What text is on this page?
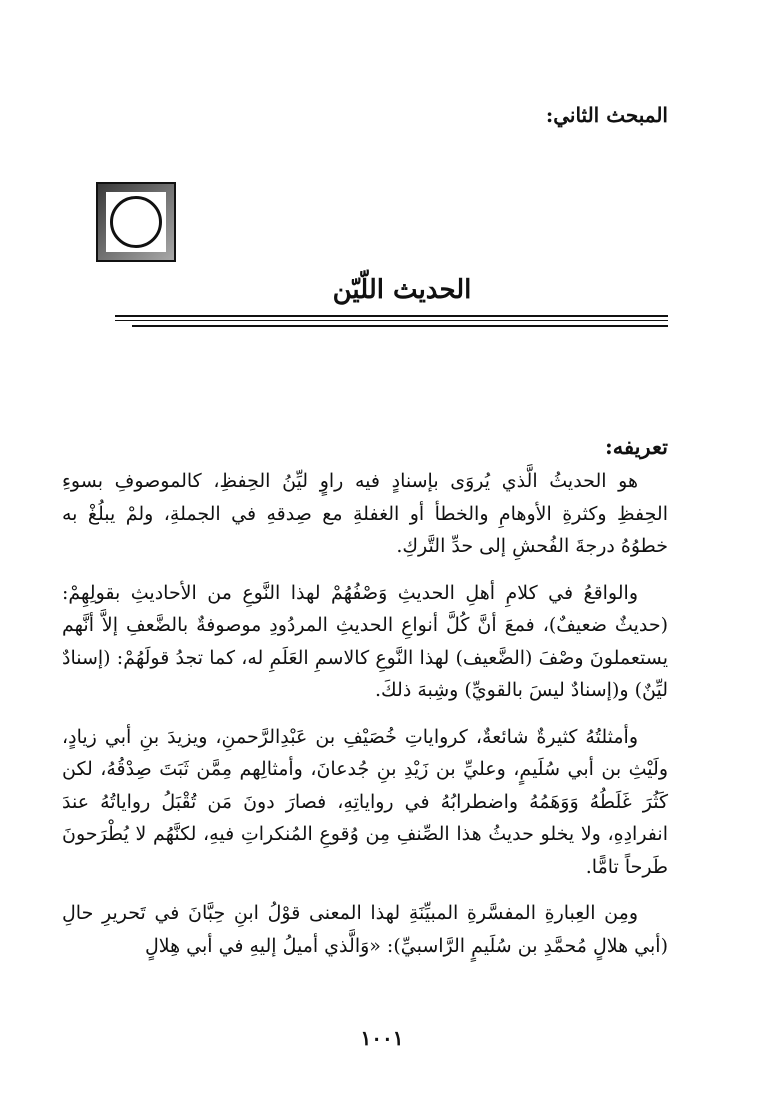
المبحث الثاني:
الحديث اللّيّن
تعريفه:

هو الحديثُ الَّذي يُروَى بإسنادٍ فيه راوٍ ليِّنُ الحِفظِ، كالموصوفِ بسوءِ الحِفظِ وكثرةِ الأوهامِ والخطأ أو الغفلةِ مع صِدقهِ في الجملةِ، ولمْ يبلُغْ به خطوُهُ درجةَ الفُحشِ إلى حدِّ التَّركِ.

والواقعُ في كلامِ أهلِ الحديثِ وَصْفُهُمْ لهذا النَّوعِ من الأحاديثِ بقولِهِمْ: (حديثٌ ضعيفٌ)، فمعَ أنَّ كُلَّ أنواعِ الحديثِ المردُودِ موصوفةٌ بالضَّعفِ إلاَّ أنَّهم يستعملونَ وصْفَ (الضَّعيف) لهذا النَّوعِ كالاسمِ العَلَمِ له، كما تجدُ قولَهُمْ: (إسنادٌ ليِّنٌ) و(إسنادٌ ليسَ بالقويِّ) وشِبهَ ذلكَ.

وأمثلتُهُ كثيرةٌ شائعةٌ، كرواياتِ خُصَيْفِ بن عَبْدِالرَّحمنِ، ويزيدَ بنِ أبي زيادٍ، ولَيْثِ بن أبي سُلَيمٍ، وعليِّ بن زَيْدِ بنِ جُدعانَ، وأمثالِهم مِمَّن ثَبَتَ صِدْقُهُ، لكن كَثُرَ غَلَطُهُ وَوَهَمُهُ واضطرابُهُ في رواياتِهِ، فصارَ دونَ مَن تُقْبَلُ رواياتُهُ عندَ انفرادِهِ، ولا يخلو حديثُ هذا الصِّنفِ مِن وُقوعِ المُنكراتِ فيهِ، لكنَّهُم لا يُطْرَحونَ طَرحاً تامًّا.

ومِن العِبارةِ المفسَّرةِ المبيِّنَةِ لهذا المعنى قوْلُ ابنِ حِبَّانَ في تَحريرِ حالِ (أبي هلالٍ مُحمَّدِ بن سُلَيمٍ الرَّاسبيِّ): «وَالَّذي أميلُ إليهِ في أبي هِلالٍ

١٠٠١
